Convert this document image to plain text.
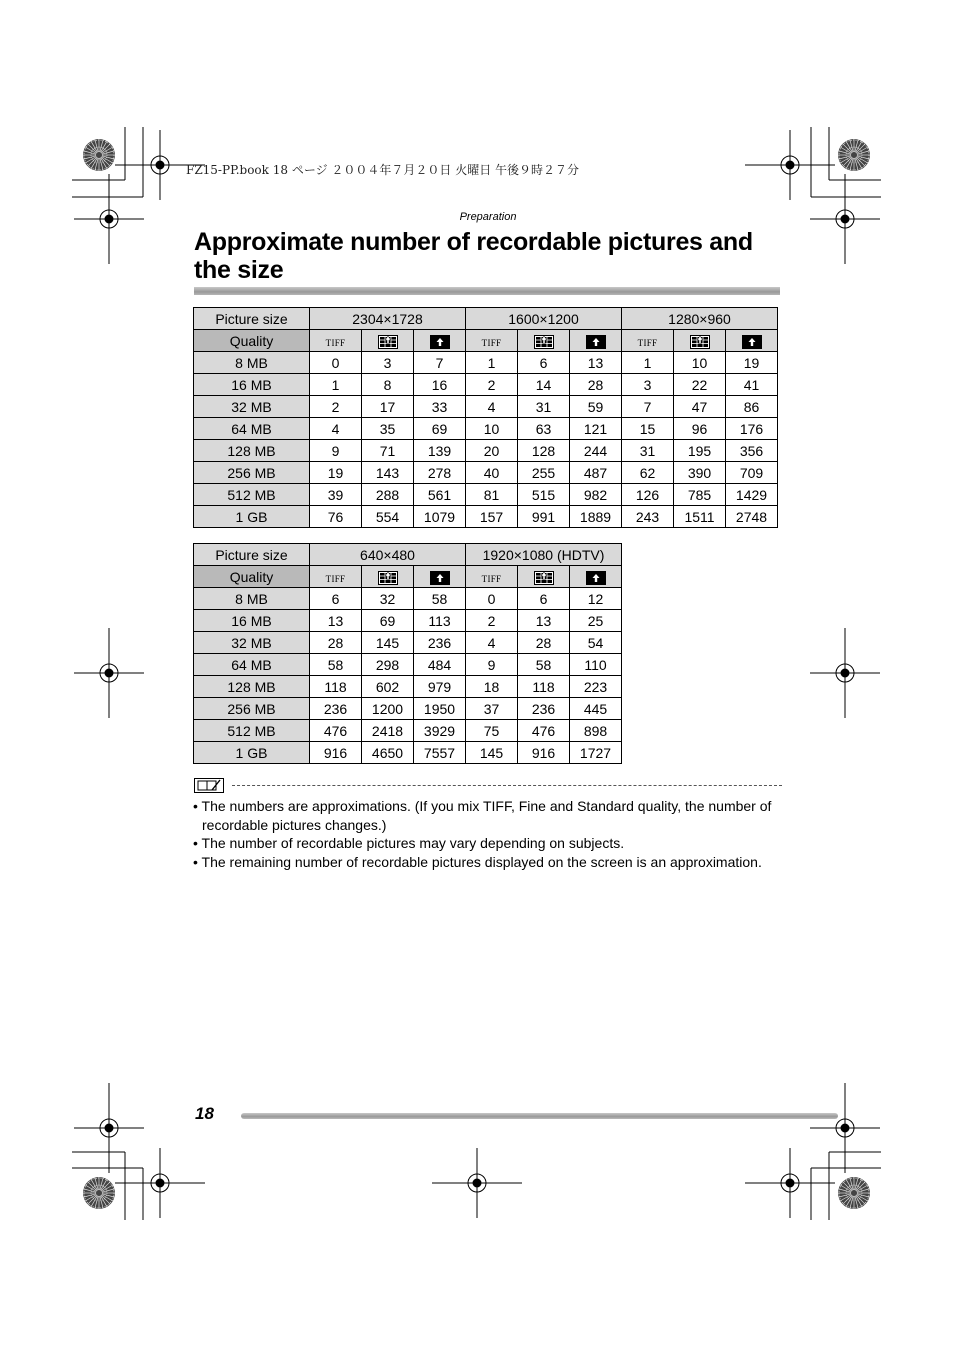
FZ15-PP.book 18 ページ ２００４年７月２０日 火曜日 午後９時２７分
Preparation
Approximate number of recordable pictures and the size
Picture size	2304×1728			1600×1200			1280×960		
Quality	TIFF			TIFF			TIFF		
8 MB	0	3	7	1	6	13	1	10	19
16 MB	1	8	16	2	14	28	3	22	41
32 MB	2	17	33	4	31	59	7	47	86
64 MB	4	35	69	10	63	121	15	96	176
128 MB	9	71	139	20	128	244	31	195	356
256 MB	19	143	278	40	255	487	62	390	709
512 MB	39	288	561	81	515	982	126	785	1429
1 GB	76	554	1079	157	991	1889	243	1511	2748
Picture size	640×480			1920×1080 (HDTV)		
Quality	TIFF			TIFF		
8 MB	6	32	58	0	6	12
16 MB	13	69	113	2	13	25
32 MB	28	145	236	4	28	54
64 MB	58	298	484	9	58	110
128 MB	118	602	979	18	118	223
256 MB	236	1200	1950	37	236	445
512 MB	476	2418	3929	75	476	898
1 GB	916	4650	7557	145	916	1727
• The numbers are approximations. (If you mix TIFF, Fine and Standard quality, the number of recordable pictures changes.)
• The number of recordable pictures may vary depending on subjects.
• The remaining number of recordable pictures displayed on the screen is an approximation.
18
